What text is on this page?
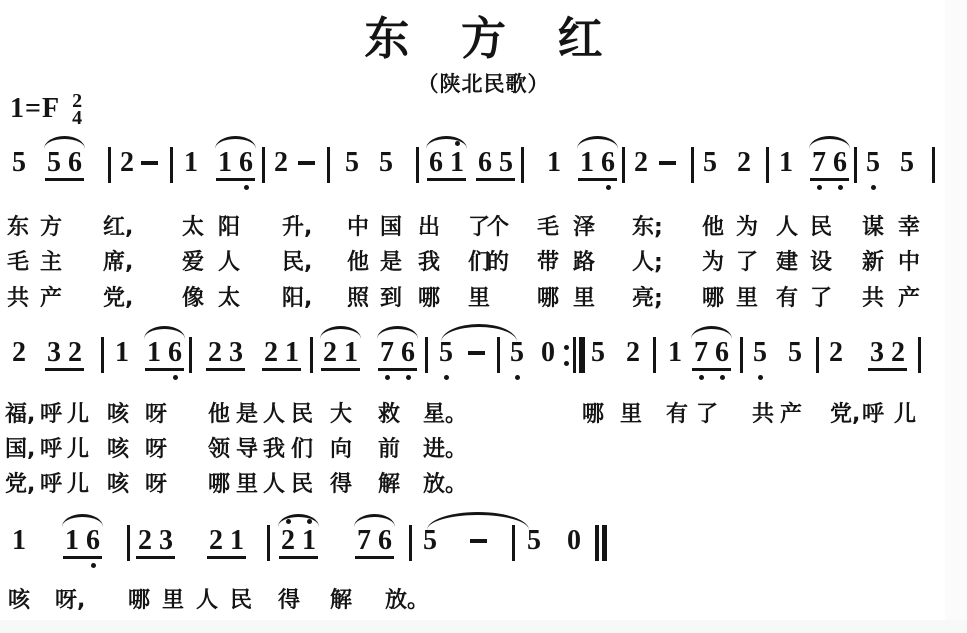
东 方 红
（陕北民歌）
1=F 2
4
5 5 6 2 1 1 6 2 5 5 6 1 6 5 1 1 6 2 5 2 1 7 6 5 5
2 3 2 1 1 6 2 3 2 1 2 1 7 6 5 5 0 5 2 1 7 6 5 5 2 3 2
1 1 6 2 3 2 1 2 1 7 6 5	5 0
东 方 红, 太 阳 升, 中 国 出 了个 毛 泽 东; 他 为 人 民 谋 幸
毛 主 席, 爱 人 民, 他 是 我 们的 带 路 人; 为 了 建 设 新 中
共 产 党, 像 太 阳, 照 到 哪 里 哪 里 亮; 哪 里 有 了 共 产
福, 呼 儿 咳 呀 他 是 人 民 大 救 星。	哪 里 有 了 共 产 党, 呼 儿
国, 呼 儿 咳 呀 领 导 我 们 向 前 进。
党, 呼 儿 咳 呀 哪 里 人 民 得 解 放。
咳 呀, 哪 里 人 民 得 解 放。
